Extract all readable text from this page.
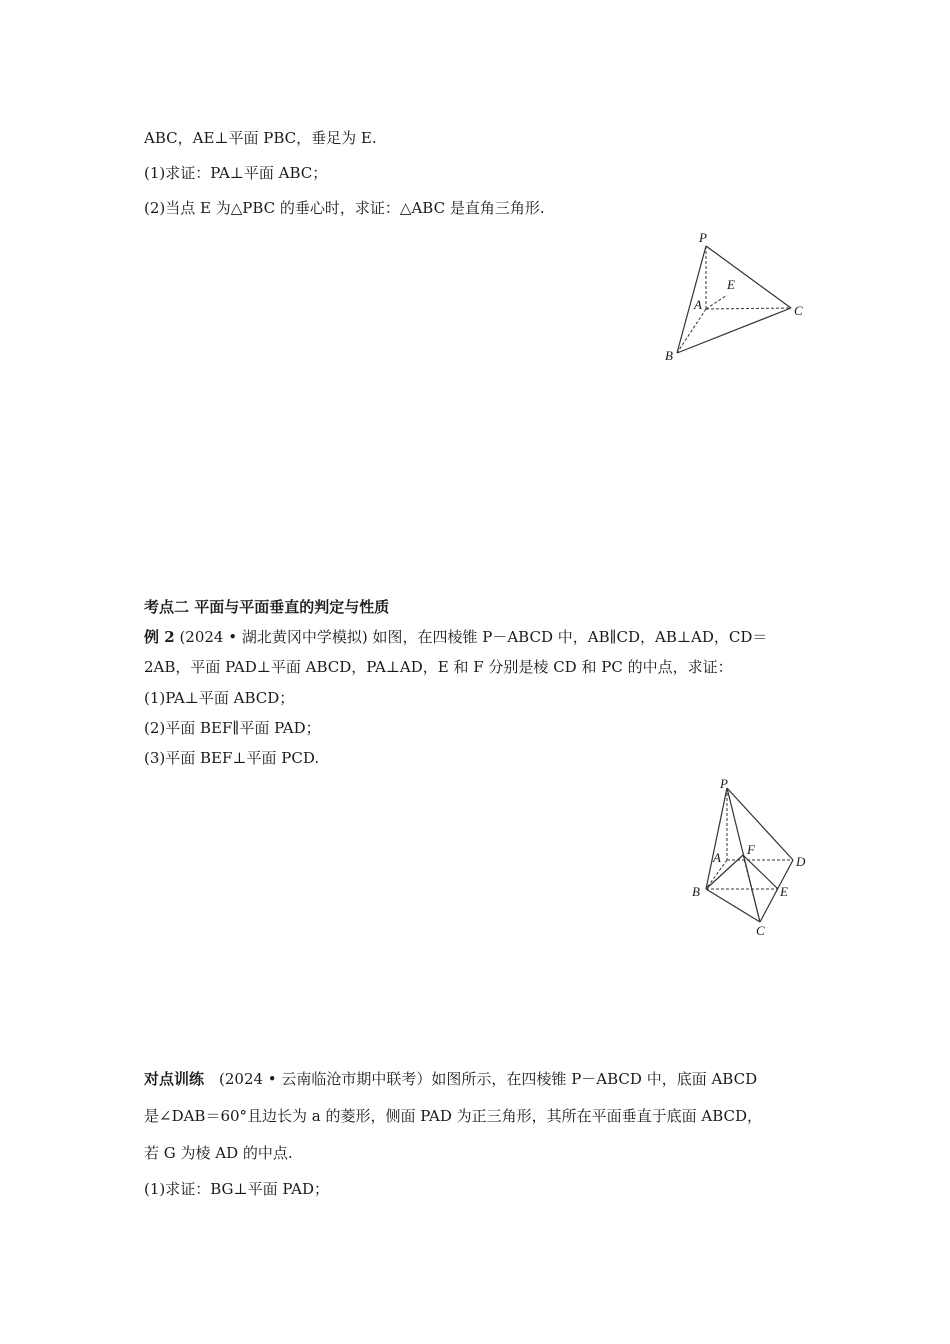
ABC，AE⊥平面 PBC，垂足为 E.
(1)求证：PA⊥平面 ABC；
(2)当点 E 为△PBC 的垂心时，求证：△ABC 是直角三角形.
P
E
A	C
B
考点二 平面与平面垂直的判定与性质
例 2 (2024 • 湖北黄冈中学模拟) 如图，在四棱锥 P－ABCD 中，AB∥CD，AB⊥AD，CD＝
2AB，平面 PAD⊥平面 ABCD，PA⊥AD，E 和 F 分别是棱 CD 和 PC 的中点，求证：
(1)PA⊥平面 ABCD；
(2)平面 BEF∥平面 PAD；
(3)平面 BEF⊥平面 PCD.
P
F
A	D
B	E
C
对点训练　(2024 • 云南临沧市期中联考）如图所示，在四棱锥 P－ABCD 中，底面 ABCD
是∠DAB＝60°且边长为 a 的菱形，侧面 PAD 为正三角形，其所在平面垂直于底面 ABCD，
若 G 为棱 AD 的中点.
(1)求证：BG⊥平面 PAD；
